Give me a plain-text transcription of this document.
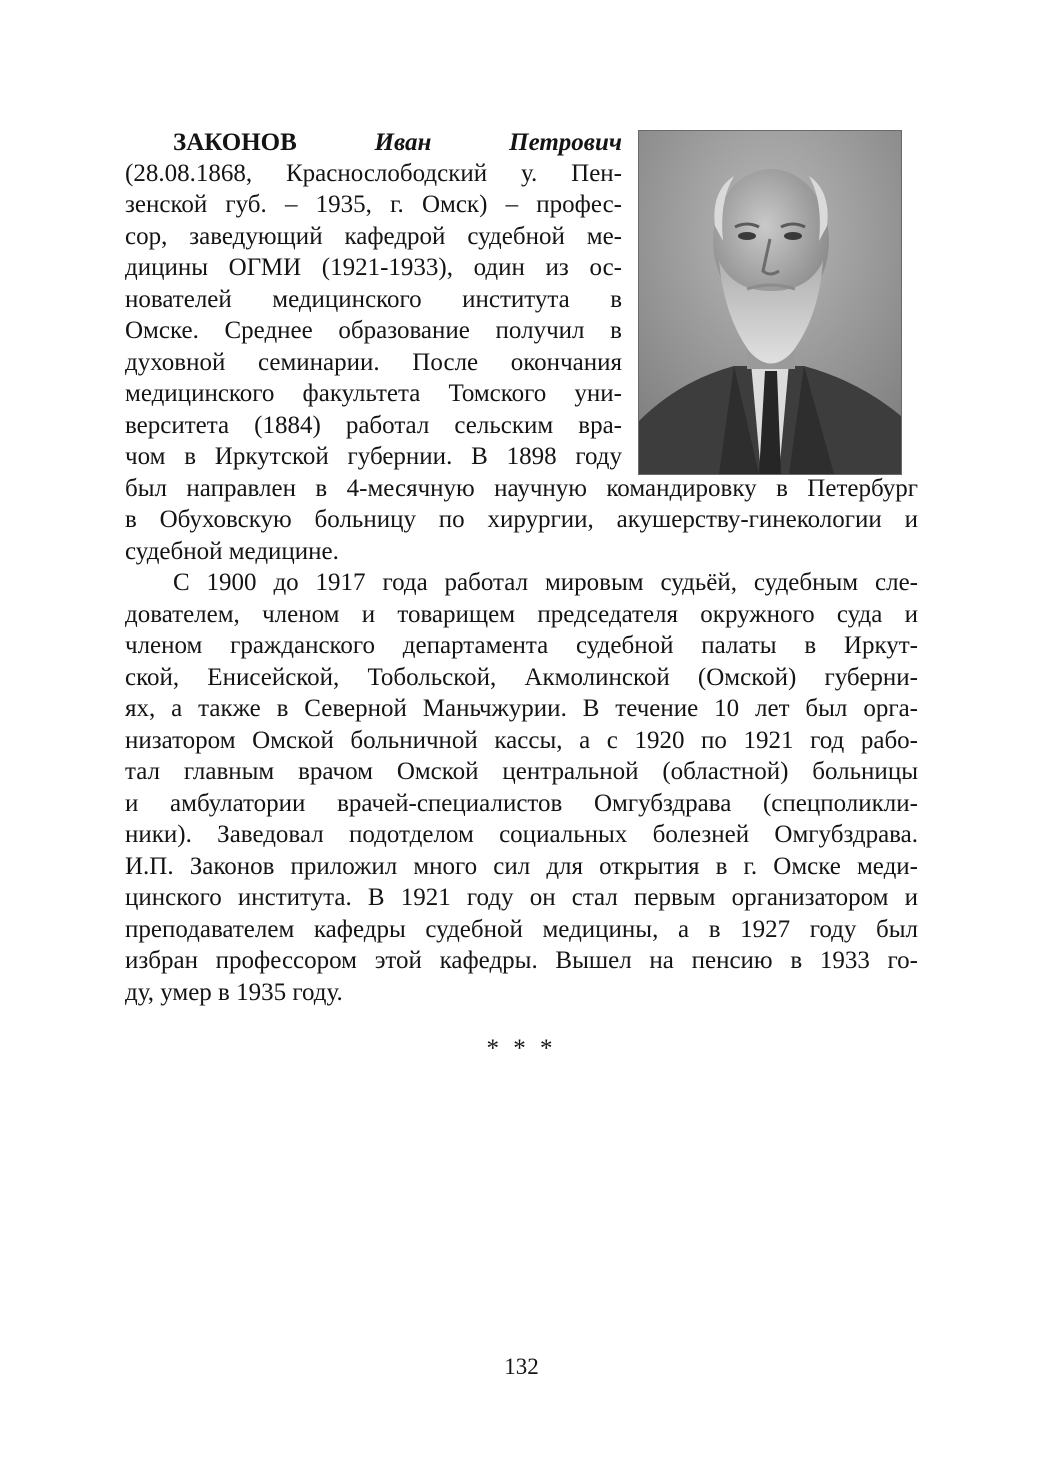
ЗАКОНОВ	Иван	Петрович
(28.08.1868, Краснослободский у. Пен-
зенской губ. – 1935, г. Омск) – профес-
сор, заведующий кафедрой судебной ме-
дицины ОГМИ (1921-1933), один из ос-
нователей медицинского института в
Омске. Среднее образование получил в
духовной семинарии. После окончания
медицинского факультета Томского уни-
верситета (1884) работал сельским вра-
чом в Иркутской губернии. В 1898 году
был направлен в 4-месячную научную командировку в Петербург
в Обуховскую больницу по хирургии, акушерству-гинекологии и
судебной медицине.
С 1900 до 1917 года работал мировым судьёй, судебным сле-
дователем, членом и товарищем председателя окружного суда и
членом гражданского департамента судебной палаты в Иркут-
ской, Енисейской, Тобольской, Акмолинской (Омской) губерни-
ях, а также в Северной Маньчжурии. В течение 10 лет был орга-
низатором Омской больничной кассы, а с 1920 по 1921 год рабо-
тал главным врачом Омской центральной (областной) больницы
и амбулатории врачей-специалистов Омгубздрава (спецполикли-
ники). Заведовал подотделом социальных болезней Омгубздрава.
И.П. Законов приложил много сил для открытия в г. Омске меди-
цинского института. В 1921 году он стал первым организатором и
преподавателем кафедры судебной медицины, а в 1927 году был
избран профессором этой кафедры. Вышел на пенсию в 1933 го-
ду, умер в 1935 году.
* * *
132
